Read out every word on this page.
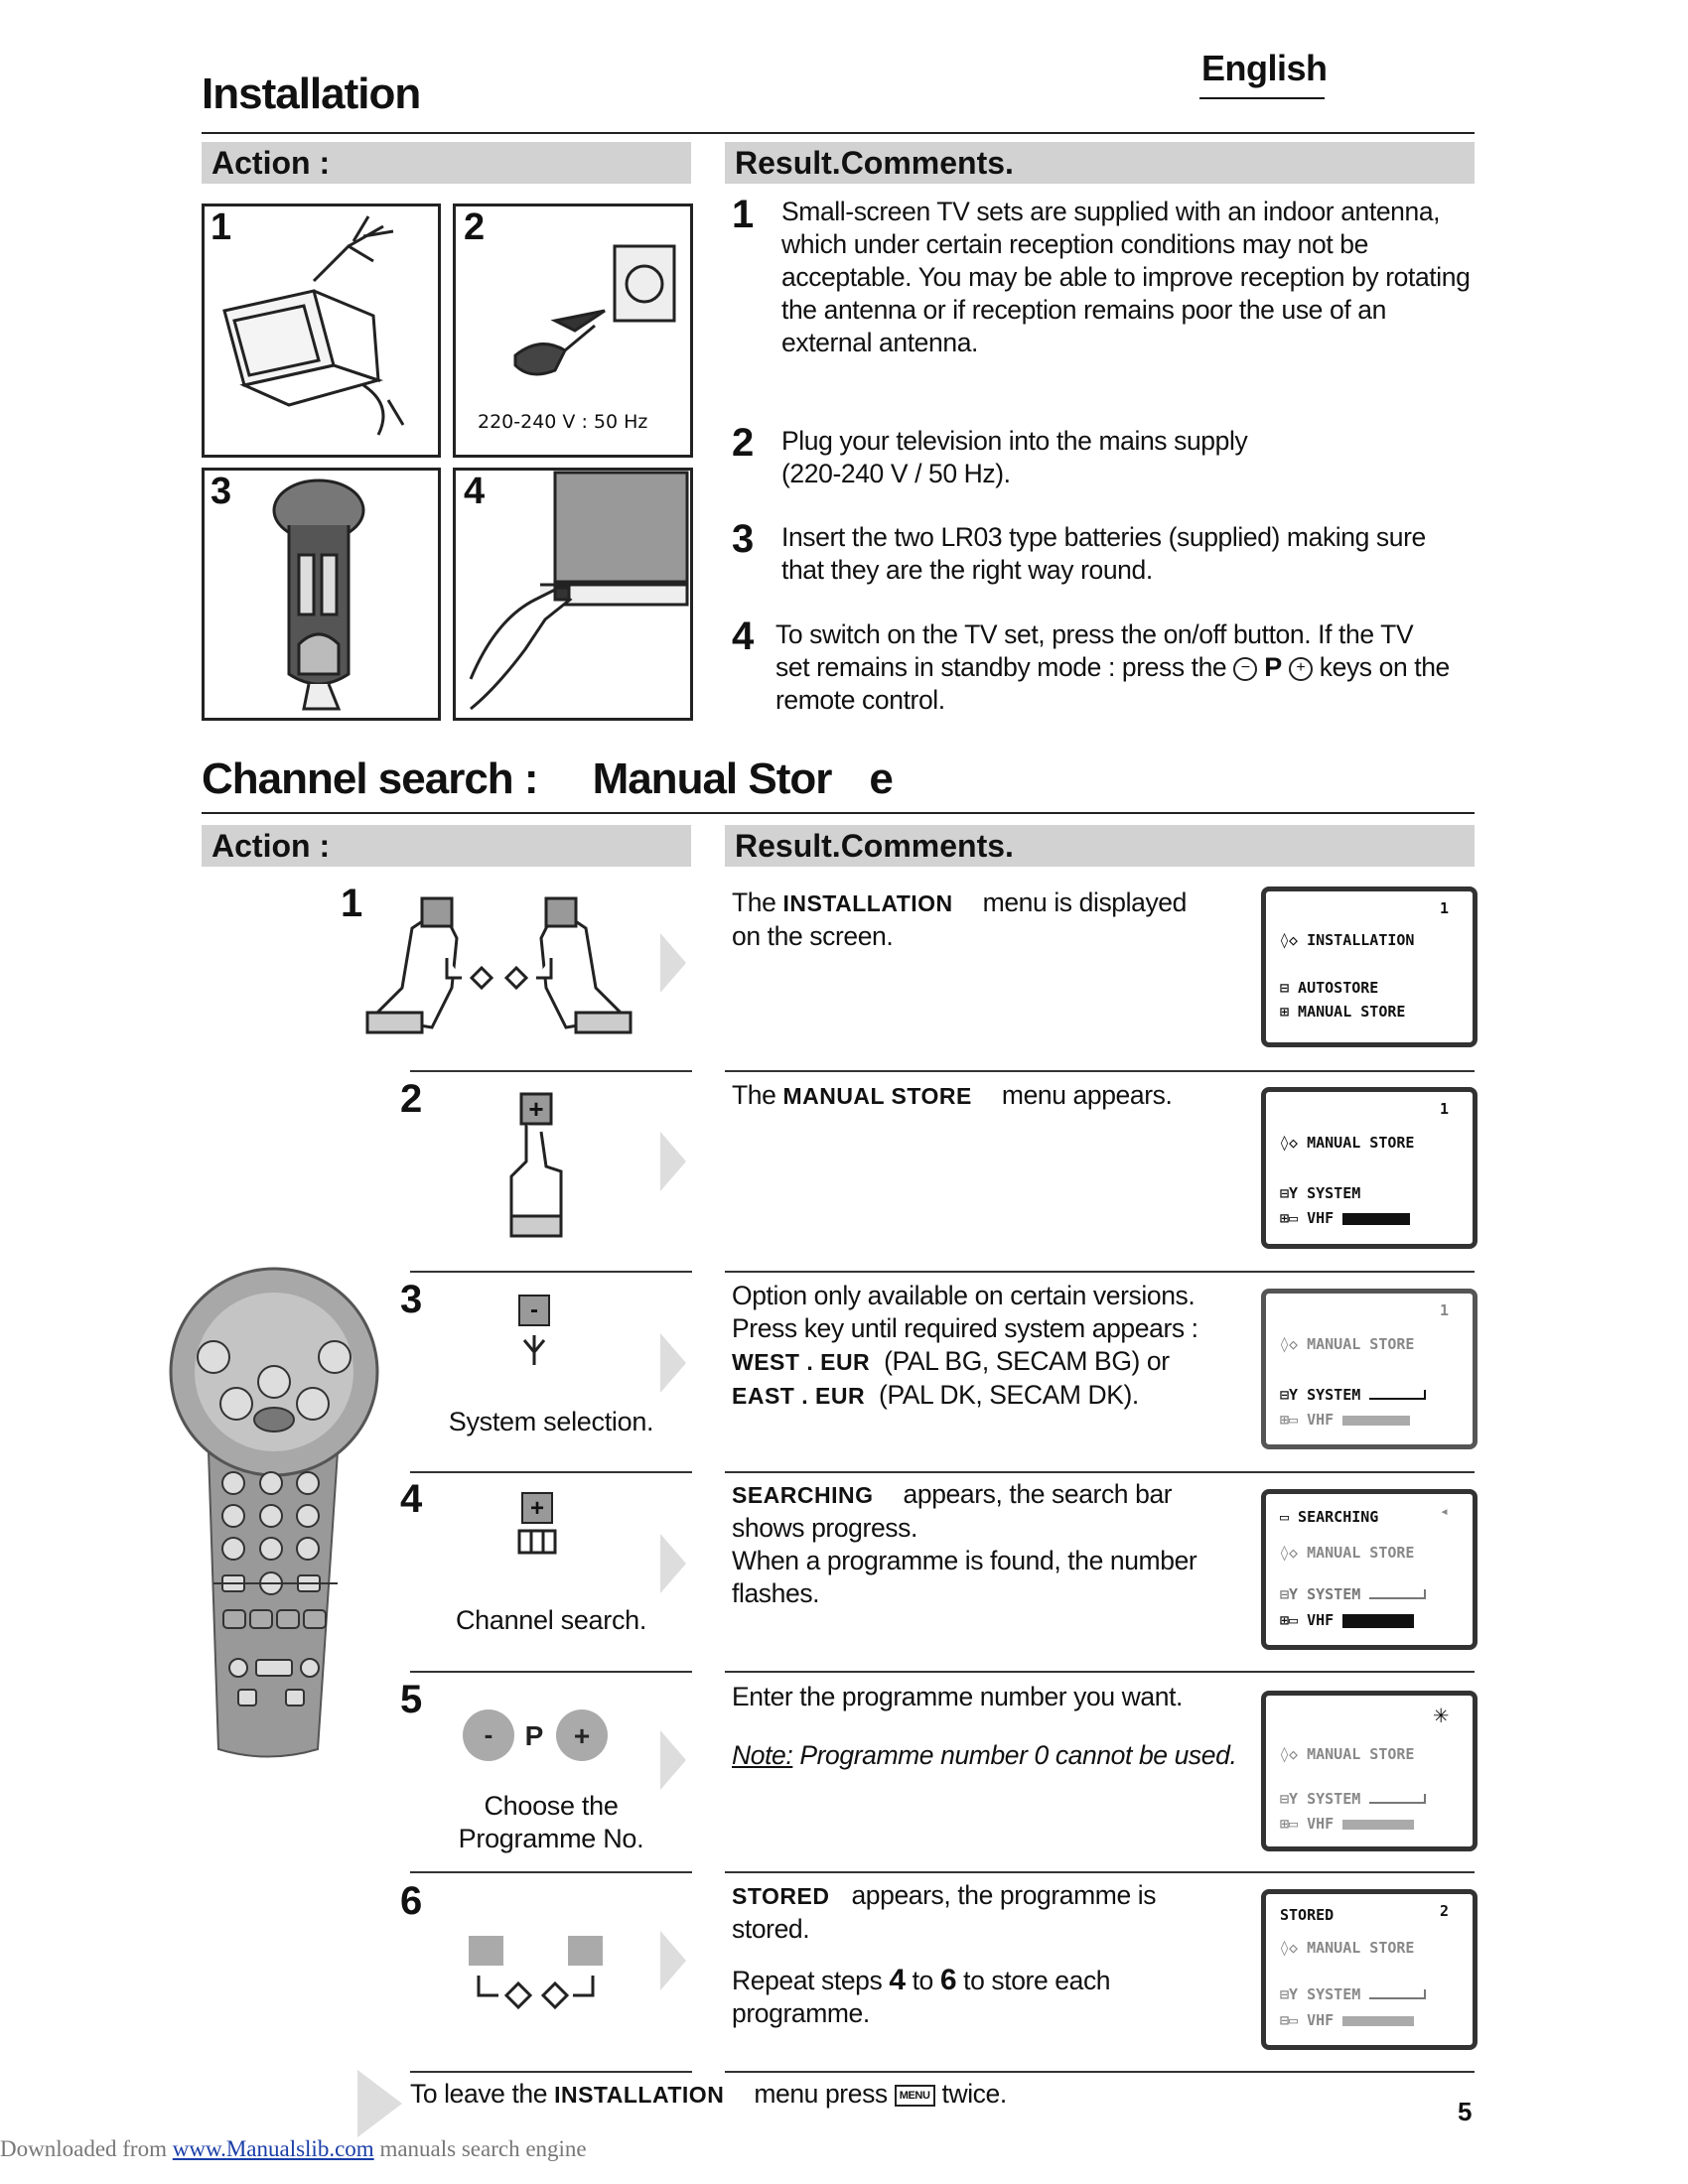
Installation
English
Action :	Result.Comments.
1	2
220-240 V : 50 Hz
3	4
1 Small-screen TV sets are supplied with an indoor antenna,
which under certain reception conditions may not be
acceptable. You may be able to improve reception by rotating
the antenna or if reception remains poor the use of an
external antenna.
2 Plug your television into the mains supply
(220-240 V / 50 Hz).
3 Insert the two LR03 type batteries (supplied) making sure
that they are the right way round.
4 To switch on the TV set, press the on/off button. If the TV
set remains in standby mode : press the − P + keys on the
remote control.
Channel search : Manual Stor e
Action :	Result.Comments.
1	The INSTALLATION menu is displayed
on the screen.
1
◊◇ INSTALLATION
⊟ AUTOSTORE
⊞ MANUAL STORE
2	+	The MANUAL STORE menu appears.	1
◊◇ MANUAL STORE
⊟Y SYSTEM
⊞▭ VHF
3	-
System selection.
Option only available on certain versions.
Press key until required system appears :
WEST . EUR (PAL BG, SECAM BG) or
EAST . EUR (PAL DK, SECAM DK).
1
◊◇ MANUAL STORE
⊟Y SYSTEM
⊞▭ VHF
4	+
Channel search.
SEARCHING appears, the search bar
shows progress.
When a programme is found, the number
flashes.
◂
▭ SEARCHING
◊◇ MANUAL STORE
⊟Y SYSTEM
⊞▭ VHF
5
- P +
Choose the
Programme No.
Enter the programme number you want.
Note: Programme number 0 cannot be used.
✳
◊◇ MANUAL STORE
⊟Y SYSTEM
⊞▭ VHF
6	STORED appears, the programme is
stored.
Repeat steps 4 to 6 to store each
programme.
2
STORED
◊◇ MANUAL STORE
⊟Y SYSTEM
⊟▭ VHF
To leave the INSTALLATION menu press MENU twice.
5
Downloaded from www.Manualslib.com manuals search engine
